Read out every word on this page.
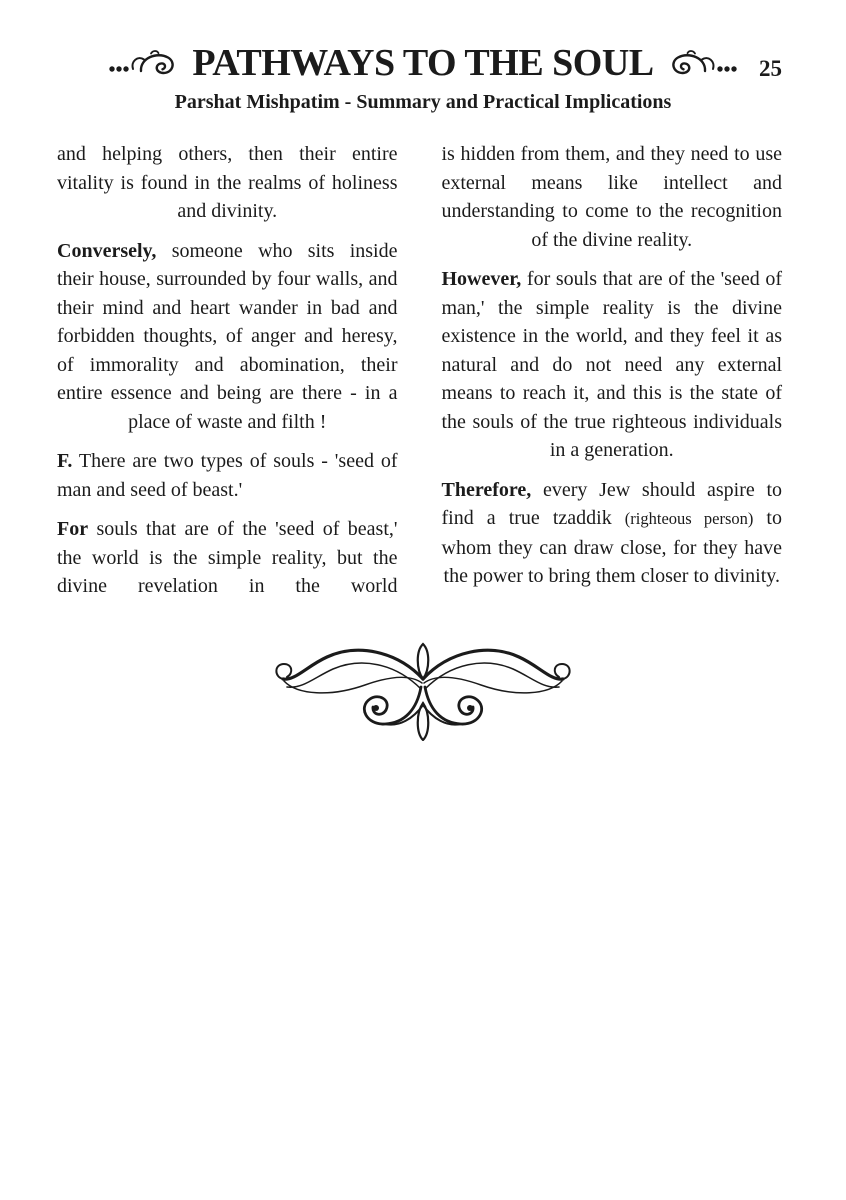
PATHWAYS TO THE SOUL	25
Parshat Mishpatim - Summary and Practical Implications

and helping others, then their entire vitality is found in the realms of holiness and divinity.

Conversely, someone who sits inside their house, surrounded by four walls, and their mind and heart wander in bad and forbidden thoughts, of anger and heresy, of immorality and abomination, their entire essence and being are there - in a place of waste and filth !

F. There are two types of souls - 'seed of man and seed of beast.'

For souls that are of the 'seed of beast,' the world is the simple reality, but the divine revelation in the world

is hidden from them, and they need to use external means like intellect and understanding to come to the recognition of the divine reality.

However, for souls that are of the 'seed of man,' the simple reality is the divine existence in the world, and they feel it as natural and do not need any external means to reach it, and this is the state of the souls of the true righteous individuals in a generation.

Therefore, every Jew should aspire to find a true tzaddik (righteous person) to whom they can draw close, for they have the power to bring them closer to divinity.
